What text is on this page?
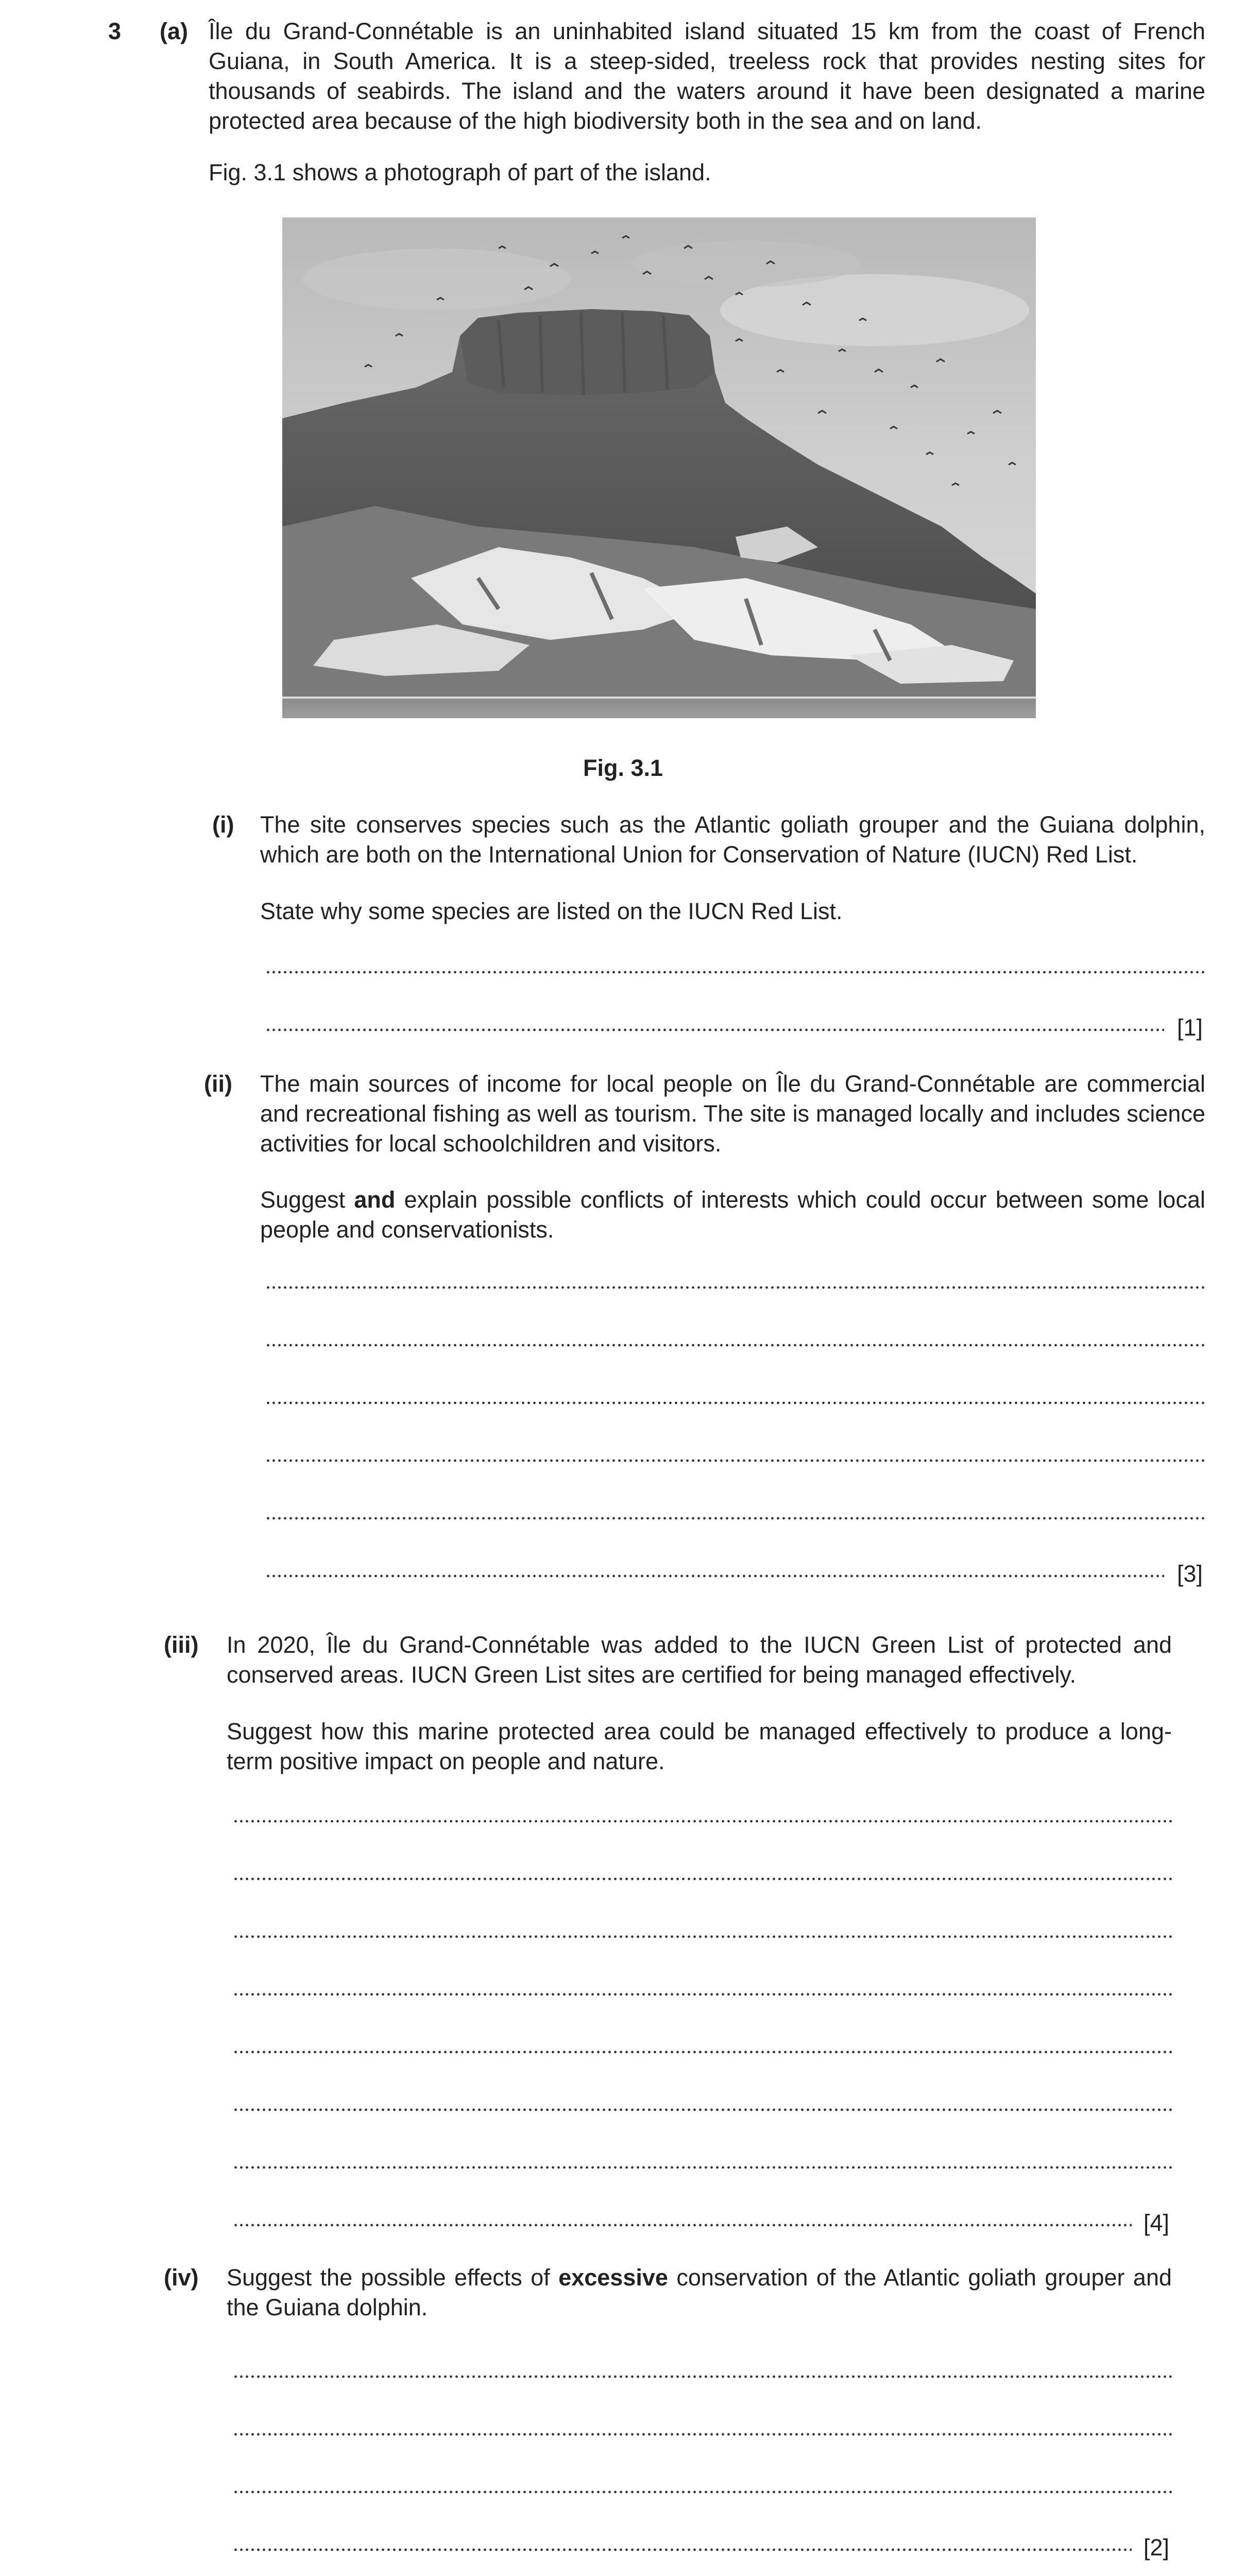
3 (a) Île du Grand-Connétable is an uninhabited island situated 15 km from the coast of French Guiana, in South America. It is a steep-sided, treeless rock that provides nesting sites for thousands of seabirds. The island and the waters around it have been designated a marine protected area because of the high biodiversity both in the sea and on land.
Fig. 3.1 shows a photograph of part of the island.
Fig. 3.1
(i) The site conserves species such as the Atlantic goliath grouper and the Guiana dolphin, which are both on the International Union for Conservation of Nature (IUCN) Red List.
State why some species are listed on the IUCN Red List.
[1]
(ii) The main sources of income for local people on Île du Grand-Connétable are commercial and recreational fishing as well as tourism. The site is managed locally and includes science activities for local schoolchildren and visitors.
Suggest and explain possible conflicts of interests which could occur between some local people and conservationists.
[3]
(iii) In 2020, Île du Grand-Connétable was added to the IUCN Green List of protected and conserved areas. IUCN Green List sites are certified for being managed effectively.
Suggest how this marine protected area could be managed effectively to produce a long-term positive impact on people and nature.
[4]
(iv) Suggest the possible effects of excessive conservation of the Atlantic goliath grouper and the Guiana dolphin.
[2]
